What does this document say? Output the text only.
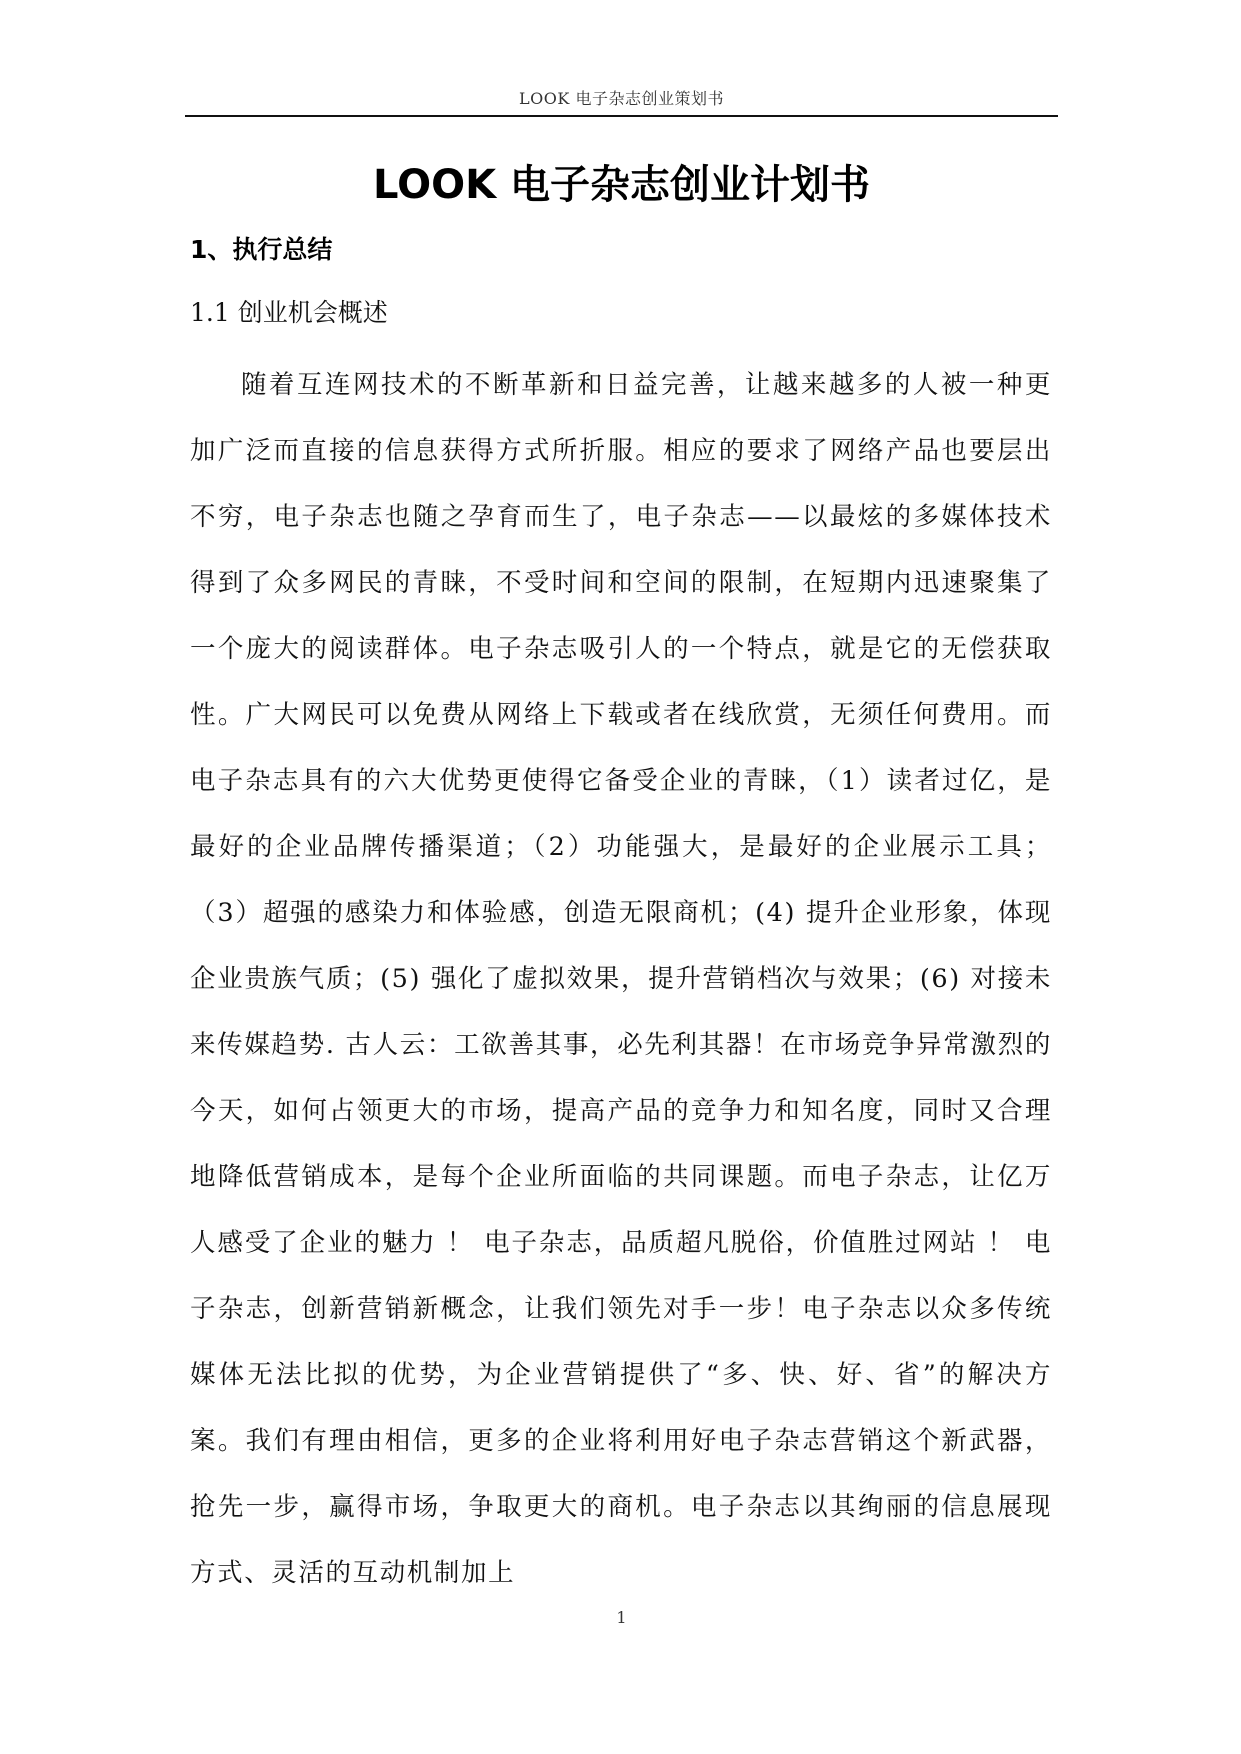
LOOK 电子杂志创业策划书
LOOK 电子杂志创业计划书
1、执行总结
1.1 创业机会概述

随着互连网技术的不断革新和日益完善，让越来越多的人被一种更加广泛而直接的信息获得方式所折服。相应的要求了网络产品也要层出不穷，电子杂志也随之孕育而生了，电子杂志——以最炫的多媒体技术得到了众多网民的青睐，不受时间和空间的限制，在短期内迅速聚集了一个庞大的阅读群体。电子杂志吸引人的一个特点，就是它的无偿获取性。广大网民可以免费从网络上下载或者在线欣赏，无须任何费用。而电子杂志具有的六大优势更使得它备受企业的青睐，（1）读者过亿，是最好的企业品牌传播渠道；（2）功能强大，是最好的企业展示工具；（3）超强的感染力和体验感，创造无限商机；(4) 提升企业形象，体现企业贵族气质；(5) 强化了虚拟效果，提升营销档次与效果；(6) 对接未来传媒趋势. 古人云：工欲善其事，必先利其器！在市场竞争异常激烈的今天，如何占领更大的市场，提高产品的竞争力和知名度，同时又合理地降低营销成本，是每个企业所面临的共同课题。而电子杂志，让亿万人感受了企业的魅力 ！ 电子杂志，品质超凡脱俗，价值胜过网站 ！ 电子杂志，创新营销新概念，让我们领先对手一步！电子杂志以众多传统媒体无法比拟的优势，为企业营销提供了“多、快、好、省”的解决方案。我们有理由相信，更多的企业将利用好电子杂志营销这个新武器，抢先一步，赢得市场，争取更大的商机。电子杂志以其绚丽的信息展现方式、灵活的互动机制加上

1
